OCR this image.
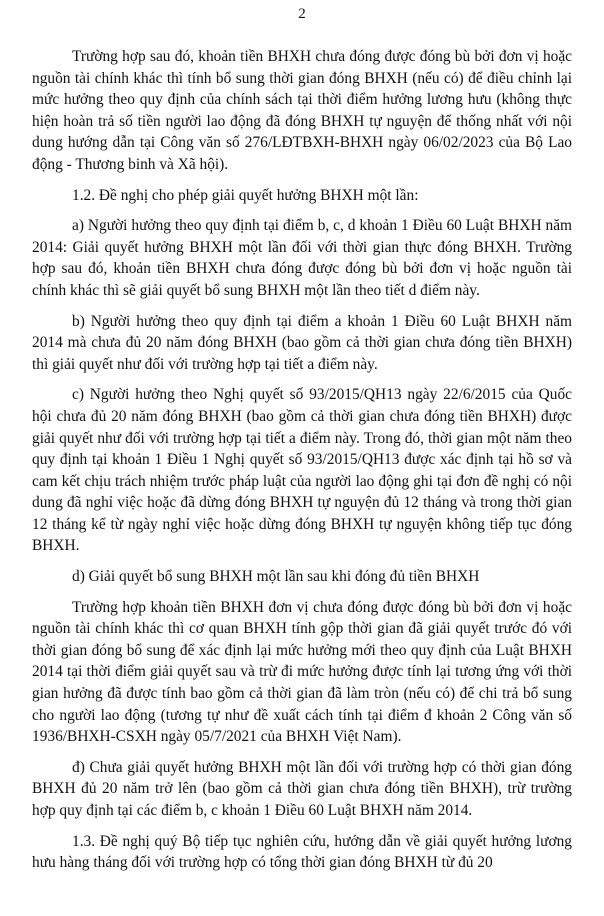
2

Trường hợp sau đó, khoản tiền BHXH chưa đóng được đóng bù bởi đơn vị hoặc nguồn tài chính khác thì tính bổ sung thời gian đóng BHXH (nếu có) để điều chỉnh lại mức hưởng theo quy định của chính sách tại thời điểm hưởng lương hưu (không thực hiện hoàn trả số tiền người lao động đã đóng BHXH tự nguyện để thống nhất với nội dung hướng dẫn tại Công văn số 276/LĐTBXH-BHXH ngày 06/02/2023 của Bộ Lao động - Thương binh và Xã hội).

1.2. Đề nghị cho phép giải quyết hưởng BHXH một lần:

a) Người hưởng theo quy định tại điểm b, c, d khoản 1 Điều 60 Luật BHXH năm 2014: Giải quyết hưởng BHXH một lần đối với thời gian thực đóng BHXH. Trường hợp sau đó, khoản tiền BHXH chưa đóng được đóng bù bởi đơn vị hoặc nguồn tài chính khác thì sẽ giải quyết bổ sung BHXH một lần theo tiết d điểm này.

b) Người hưởng theo quy định tại điểm a khoản 1 Điều 60 Luật BHXH năm 2014 mà chưa đủ 20 năm đóng BHXH (bao gồm cả thời gian chưa đóng tiền BHXH) thì giải quyết như đối với trường hợp tại tiết a điểm này.

c) Người hưởng theo Nghị quyết số 93/2015/QH13 ngày 22/6/2015 của Quốc hội chưa đủ 20 năm đóng BHXH (bao gồm cả thời gian chưa đóng tiền BHXH) được giải quyết như đối với trường hợp tại tiết a điểm này. Trong đó, thời gian một năm theo quy định tại khoản 1 Điều 1 Nghị quyết số 93/2015/QH13 được xác định tại hồ sơ và cam kết chịu trách nhiệm trước pháp luật của người lao động ghi tại đơn đề nghị có nội dung đã nghỉ việc hoặc đã dừng đóng BHXH tự nguyện đủ 12 tháng và trong thời gian 12 tháng kể từ ngày nghỉ việc hoặc dừng đóng BHXH tự nguyện không tiếp tục đóng BHXH.

d) Giải quyết bổ sung BHXH một lần sau khi đóng đủ tiền BHXH

Trường hợp khoản tiền BHXH đơn vị chưa đóng được đóng bù bởi đơn vị hoặc nguồn tài chính khác thì cơ quan BHXH tính gộp thời gian đã giải quyết trước đó với thời gian đóng bổ sung để xác định lại mức hưởng mới theo quy định của Luật BHXH 2014 tại thời điểm giải quyết sau và trừ đi mức hưởng được tính lại tương ứng với thời gian hưởng đã được tính bao gồm cả thời gian đã làm tròn (nếu có) để chi trả bổ sung cho người lao động (tương tự như đề xuất cách tính tại điểm đ khoản 2 Công văn số 1936/BHXH-CSXH ngày 05/7/2021 của BHXH Việt Nam).

đ) Chưa giải quyết hưởng BHXH một lần đối với trường hợp có thời gian đóng BHXH đủ 20 năm trở lên (bao gồm cả thời gian chưa đóng tiền BHXH), trừ trường hợp quy định tại các điểm b, c khoản 1 Điều 60 Luật BHXH năm 2014.

1.3. Đề nghị quý Bộ tiếp tục nghiên cứu, hướng dẫn về giải quyết hưởng lương hưu hàng tháng đối với trường hợp có tổng thời gian đóng BHXH từ đủ 20
